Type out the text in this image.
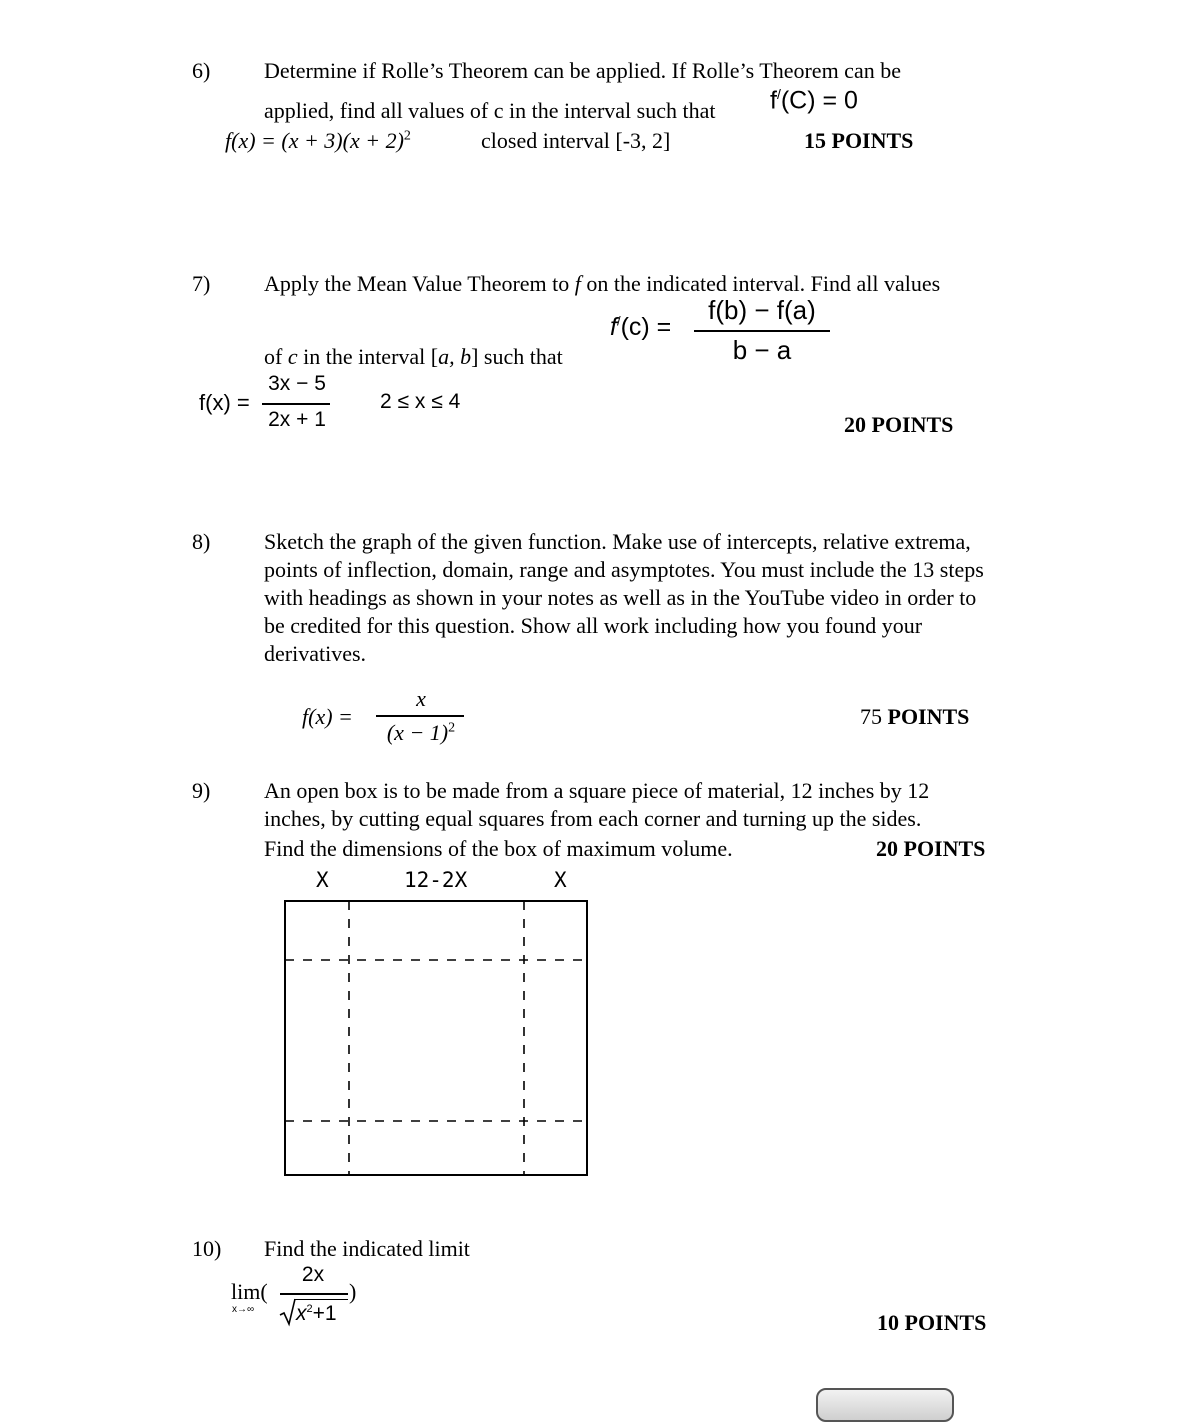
6) Determine if Rolle’s Theorem can be applied. If Rolle’s Theorem can be
applied, find all values of c in the interval such that f/(C) = 0
$f(x) = (x + 3)(x + 2)^2$	closed interval [-3, 2]	15 POINTS
7) Apply the Mean Value Theorem to f on the indicated interval. Find all values
f/(c) =
f(b) − f(a)
b − a
of c in the interval [a, b] such that
f(x) =
3x − 5
2x + 1
2 ≤ x ≤ 4
20 POINTS
8) Sketch the graph of the given function. Make use of intercepts, relative extrema, points of inflection, domain, range and asymptotes. You must include the 13 steps with headings as shown in your notes as well as in the YouTube video in order to be credited for this question. Show all work including how you found your derivatives.
f(x) =
x
$(x - 1)^2$	75 POINTS
9) An open box is to be made from a square piece of material, 12 inches by 12
inches, by cutting equal squares from each corner and turning up the sides.
Find the dimensions of the box of maximum volume.	20 POINTS
X	12-2X	X
10) Find the indicated limit
lim(
x→∞
2x
$x^2+1$
)
10 POINTS
